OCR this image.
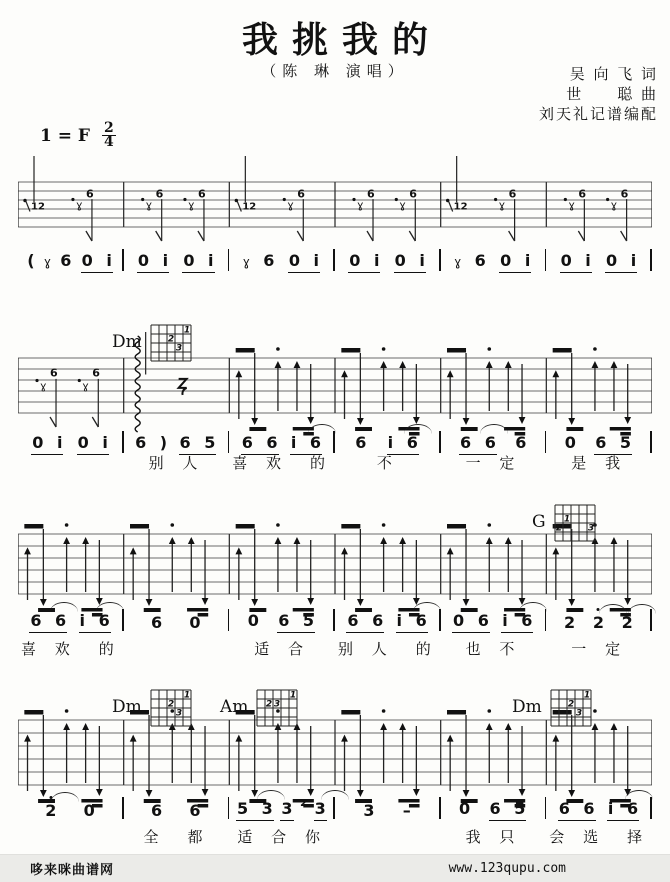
我挑我的
（陈 琳 演唱）	吴 向 飞 词
世　　聪 曲
刘天礼记谱编配
1 = F $\frac{2}{4}$
12	ɣ
6
ɣ
6
ɣ
6
12	ɣ
6
ɣ
6
ɣ
6
12	ɣ
6
ɣ
6
ɣ
6
( ɣ 6 0 i 0 i 0 i ɣ 6 0 i 0 i 0 i ɣ 6 0 i 0 i 0 i
ɣ
6
ɣ
6
0 i 0 i 6 ) 6 5 6 6 i 6 6 i 6	6 6 6 0 6 5
别 人	喜 欢　的	不	一 定	是 我
6 6 i 6	6 0	0 6 5 6 6 i 6 0 6 i 6 2 2 2
喜 欢　的	适 合	别 人　的	也 不	一 定
2 0	6 6 5 3 3 2 3 3 –	0 6 5 6 6 i 6
全　都	适 合 你	我 只	会 选　择
Dm
1
2
3
G 1
2	3
Dm
1
2
3 Am
1
2 3	Dm
1
2
3
哆来咪曲谱网	www.123qupu.com
